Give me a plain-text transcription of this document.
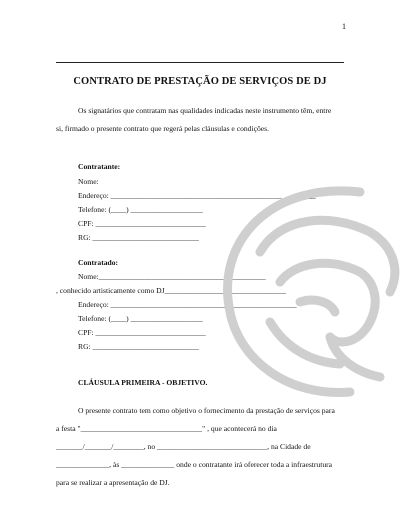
1
CONTRATO DE PRESTAÇÃO DE SERVIÇOS DE DJ
Os signatários que contratam nas qualidades indicadas neste instrumento têm, entre
si, firmado o presente contrato que regerá pelas cláusulas e condições.
Contratante:
Nome:
Endereço: ______________________________________________________
Telefone: (____) ___________________
CPF: _____________________________
RG: ____________________________
Contratado:
Nome:____________________________________________
, conhecido artisticamente como DJ________________________________
Endereço: _________________________________________________
Telefone: (____) ___________________
CPF: _____________________________
RG: ____________________________
CLÁUSULA PRIMEIRA - OBJETIVO.
O presente contrato tem como objetivo o fornecimento da prestação de serviços para
a festa "________________________________" , que acontecerá no dia
_______/_______/________, no _____________________________, na Cidade de
______________, às ______________ onde o contratante irá oferecer toda a infraestrutura
para se realizar a apresentação de DJ.
